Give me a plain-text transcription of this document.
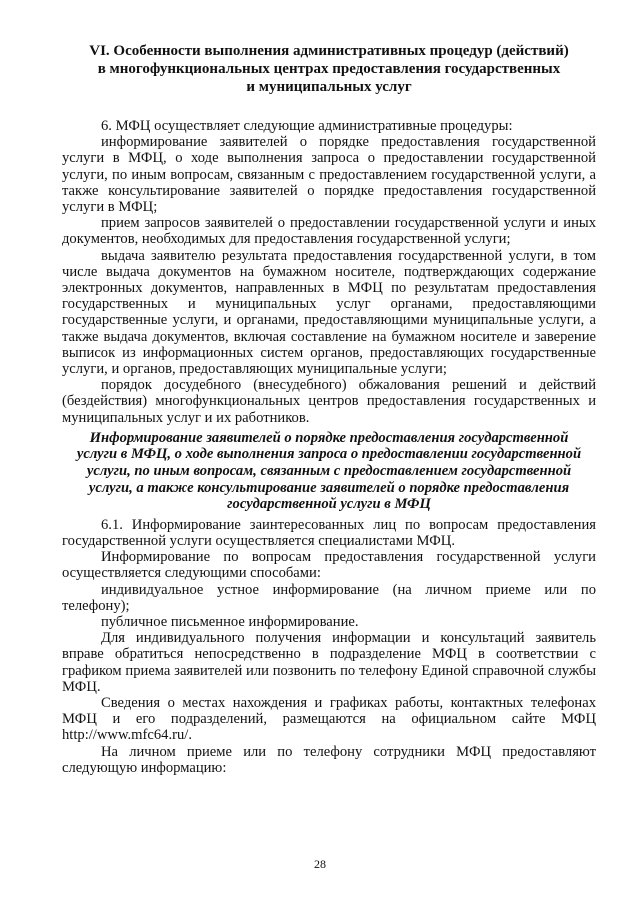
VI. Особенности выполнения административных процедур (действий)
в многофункциональных центрах предоставления государственных
и муниципальных услуг

6. МФЦ осуществляет следующие административные процедуры:

информирование заявителей о порядке предоставления государственной услуги в МФЦ, о ходе выполнения запроса о предоставлении государственной услуги, по иным вопросам, связанным с предоставлением государственной услуги, а также консультирование заявителей о порядке предоставления государственной услуги в МФЦ;

прием запросов заявителей о предоставлении государственной услуги и иных документов, необходимых для предоставления государственной услуги;

выдача заявителю результата предоставления государственной услуги, в том числе выдача документов на бумажном носителе, подтверждающих содержание электронных документов, направленных в МФЦ по результатам предоставления государственных и муниципальных услуг органами, предоставляющими государственные услуги, и органами, предоставляющими муниципальные услуги, а также выдача документов, включая составление на бумажном носителе и заверение выписок из информационных систем органов, предоставляющих государственные услуги, и органов, предоставляющих муниципальные услуги;

порядок досудебного (внесудебного) обжалования решений и действий (бездействия) многофункциональных центров предоставления государственных и муниципальных услуг и их работников.

Информирование заявителей о порядке предоставления государственной
услуги в МФЦ, о ходе выполнения запроса о предоставлении государственной
услуги, по иным вопросам, связанным с предоставлением государственной
услуги, а также консультирование заявителей о порядке предоставления
государственной услуги в МФЦ

6.1. Информирование заинтересованных лиц по вопросам предоставления государственной услуги осуществляется специалистами МФЦ.

Информирование по вопросам предоставления государственной услуги осуществляется следующими способами:

индивидуальное устное информирование (на личном приеме или по телефону);

публичное письменное информирование.

Для индивидуального получения информации и консультаций заявитель вправе обратиться непосредственно в подразделение МФЦ в соответствии с графиком приема заявителей или позвонить по телефону Единой справочной службы МФЦ.

Сведения о местах нахождения и графиках работы, контактных телефонах МФЦ и его подразделений, размещаются на официальном сайте МФЦ http://www.mfc64.ru/.

На личном приеме или по телефону сотрудники МФЦ предоставляют следующую информацию:

28
